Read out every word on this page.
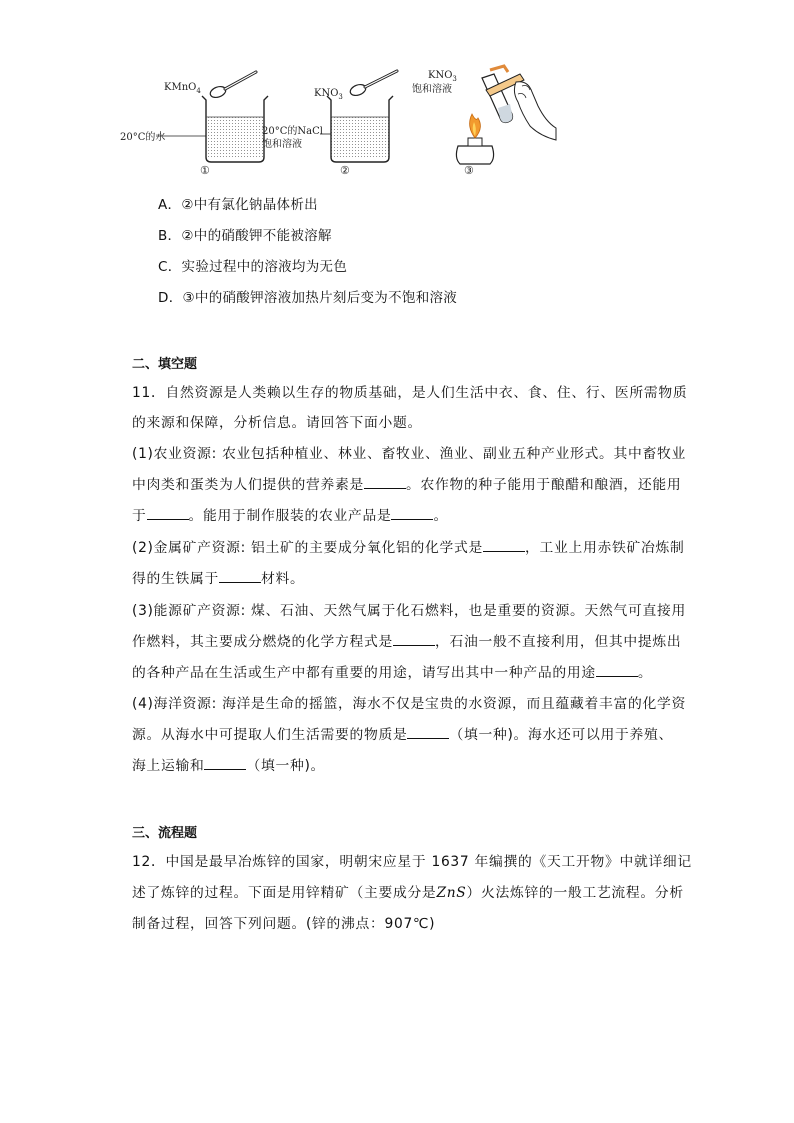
KMnO$_4$
20°C的水
$KNO_3$
20°C的NaCl
饱和溶液
$KNO_3$
饱和溶液
①	②	③
A．②中有氯化钠晶体析出
B．②中的硝酸钾不能被溶解
C．实验过程中的溶液均为无色
D．③中的硝酸钾溶液加热片刻后变为不饱和溶液
二、填空题
11．自然资源是人类赖以生存的物质基础，是人们生活中衣、食、住、行、医所需物质
的来源和保障，分析信息。请回答下面小题。
(1)农业资源: 农业包括种植业、林业、畜牧业、渔业、副业五种产业形式。其中畜牧业
中肉类和蛋类为人们提供的营养素是	。农作物的种子能用于酿醋和酿酒，还能用
于	。能用于制作服装的农业产品是	。
(2)金属矿产资源: 铝土矿的主要成分氧化铝的化学式是	，工业上用赤铁矿冶炼制
得的生铁属于	材料。
(3)能源矿产资源: 煤、石油、天然气属于化石燃料，也是重要的资源。天然气可直接用
作燃料，其主要成分燃烧的化学方程式是	，石油一般不直接利用，但其中提炼出
的各种产品在生活或生产中都有重要的用途，请写出其中一种产品的用途	。
(4)海洋资源: 海洋是生命的摇篮，海水不仅是宝贵的水资源，而且蕴藏着丰富的化学资
源。从海水中可提取人们生活需要的物质是	（填一种)。海水还可以用于养殖、
海上运输和	（填一种)。
三、流程题
12．中国是最早冶炼锌的国家，明朝宋应星于 1637 年编撰的《天工开物》中就详细记
述了炼锌的过程。下面是用锌精矿（主要成分是ZnS）火法炼锌的一般工艺流程。分析
制备过程，回答下列问题。(锌的沸点：907℃)
